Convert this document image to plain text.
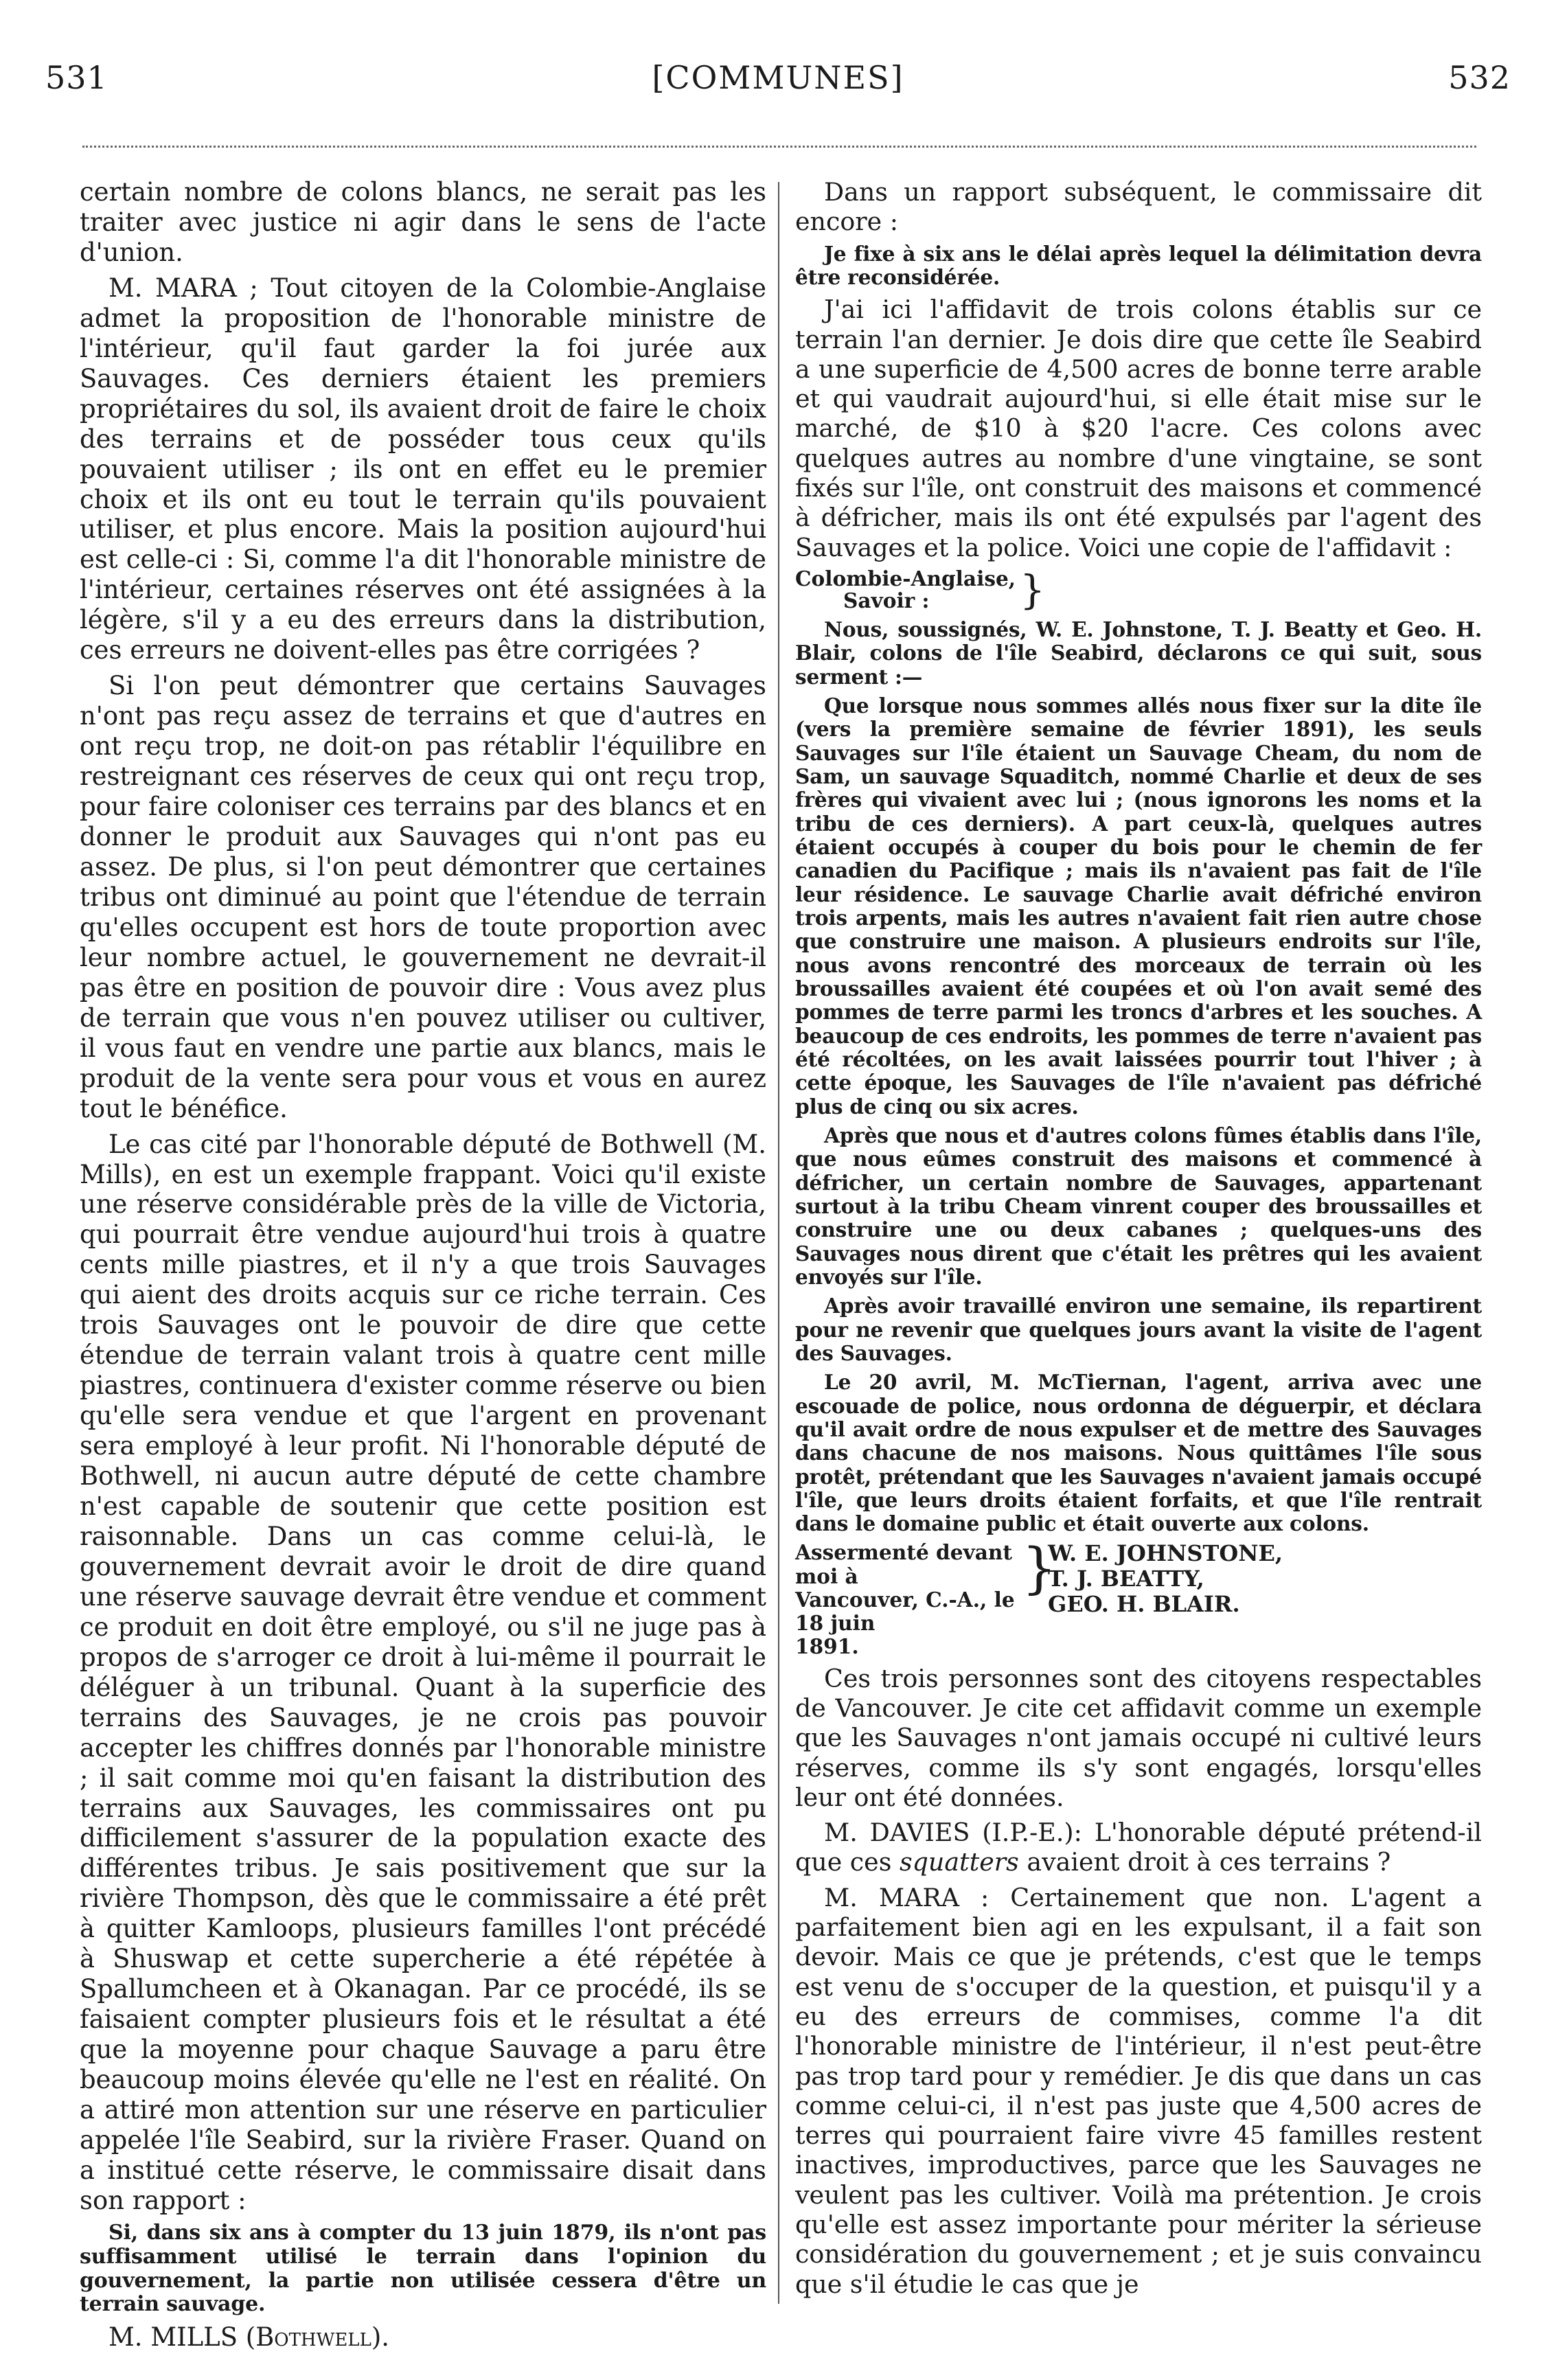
531	[COMMUNES]	532

certain nombre de colons blancs, ne serait pas les traiter avec justice ni agir dans le sens de l'acte d'union.

M. MARA ; Tout citoyen de la Colombie-Anglaise admet la proposition de l'honorable ministre de l'intérieur, qu'il faut garder la foi jurée aux Sauvages. Ces derniers étaient les premiers propriétaires du sol, ils avaient droit de faire le choix des terrains et de posséder tous ceux qu'ils pouvaient utiliser ; ils ont en effet eu le premier choix et ils ont eu tout le terrain qu'ils pouvaient utiliser, et plus encore. Mais la position aujourd'hui est celle-ci : Si, comme l'a dit l'honorable ministre de l'intérieur, certaines réserves ont été assignées à la légère, s'il y a eu des erreurs dans la distribution, ces erreurs ne doivent-elles pas être corrigées ?

Si l'on peut démontrer que certains Sauvages n'ont pas reçu assez de terrains et que d'autres en ont reçu trop, ne doit-on pas rétablir l'équilibre en restreignant ces réserves de ceux qui ont reçu trop, pour faire coloniser ces terrains par des blancs et en donner le produit aux Sauvages qui n'ont pas eu assez. De plus, si l'on peut démontrer que certaines tribus ont diminué au point que l'étendue de terrain qu'elles occupent est hors de toute proportion avec leur nombre actuel, le gouvernement ne devrait-il pas être en position de pouvoir dire : Vous avez plus de terrain que vous n'en pouvez utiliser ou cultiver, il vous faut en vendre une partie aux blancs, mais le produit de la vente sera pour vous et vous en aurez tout le bénéfice.

Le cas cité par l'honorable député de Bothwell (M. Mills), en est un exemple frappant. Voici qu'il existe une réserve considérable près de la ville de Victoria, qui pourrait être vendue aujourd'hui trois à quatre cents mille piastres, et il n'y a que trois Sauvages qui aient des droits acquis sur ce riche terrain. Ces trois Sauvages ont le pouvoir de dire que cette étendue de terrain valant trois à quatre cent mille piastres, continuera d'exister comme réserve ou bien qu'elle sera vendue et que l'argent en provenant sera employé à leur profit. Ni l'honorable député de Bothwell, ni aucun autre député de cette chambre n'est capable de soutenir que cette position est raisonnable. Dans un cas comme celui-là, le gouvernement devrait avoir le droit de dire quand une réserve sauvage devrait être vendue et comment ce produit en doit être employé, ou s'il ne juge pas à propos de s'arroger ce droit à lui-même il pourrait le déléguer à un tribunal. Quant à la superficie des terrains des Sauvages, je ne crois pas pouvoir accepter les chiffres donnés par l'honorable ministre ; il sait comme moi qu'en faisant la distribution des terrains aux Sauvages, les commissaires ont pu difficilement s'assurer de la population exacte des différentes tribus. Je sais positivement que sur la rivière Thompson, dès que le commissaire a été prêt à quitter Kamloops, plusieurs familles l'ont précédé à Shuswap et cette supercherie a été répétée à Spallumcheen et à Okanagan. Par ce procédé, ils se faisaient compter plusieurs fois et le résultat a été que la moyenne pour chaque Sauvage a paru être beaucoup moins élevée qu'elle ne l'est en réalité. On a attiré mon attention sur une réserve en particulier appelée l'île Seabird, sur la rivière Fraser. Quand on a institué cette réserve, le commissaire disait dans son rapport :

Si, dans six ans à compter du 13 juin 1879, ils n'ont pas suffisamment utilisé le terrain dans l'opinion du gouvernement, la partie non utilisée cessera d'être un terrain sauvage.

M. MILLS (Bothwell).

Dans un rapport subséquent, le commissaire dit encore :

Je fixe à six ans le délai après lequel la délimitation devra être reconsidérée.

J'ai ici l'affidavit de trois colons établis sur ce terrain l'an dernier. Je dois dire que cette île Seabird a une superficie de 4,500 acres de bonne terre arable et qui vaudrait aujourd'hui, si elle était mise sur le marché, de $10 à $20 l'acre. Ces colons avec quelques autres au nombre d'une vingtaine, se sont fixés sur l'île, ont construit des maisons et commencé à défricher, mais ils ont été expulsés par l'agent des Sauvages et la police. Voici une copie de l'affidavit :

Colombie-Anglaise,
Savoir :	}

Nous, soussignés, W. E. Johnstone, T. J. Beatty et Geo. H. Blair, colons de l'île Seabird, déclarons ce qui suit, sous serment :—

Que lorsque nous sommes allés nous fixer sur la dite île (vers la première semaine de février 1891), les seuls Sauvages sur l'île étaient un Sauvage Cheam, du nom de Sam, un sauvage Squaditch, nommé Charlie et deux de ses frères qui vivaient avec lui ; (nous ignorons les noms et la tribu de ces derniers). A part ceux-là, quelques autres étaient occupés à couper du bois pour le chemin de fer canadien du Pacifique ; mais ils n'avaient pas fait de l'île leur résidence. Le sauvage Charlie avait défriché environ trois arpents, mais les autres n'avaient fait rien autre chose que construire une maison. A plusieurs endroits sur l'île, nous avons rencontré des morceaux de terrain où les broussailles avaient été coupées et où l'on avait semé des pommes de terre parmi les troncs d'arbres et les souches. A beaucoup de ces endroits, les pommes de terre n'avaient pas été récoltées, on les avait laissées pourrir tout l'hiver ; à cette époque, les Sauvages de l'île n'avaient pas défriché plus de cinq ou six acres.

Après que nous et d'autres colons fûmes établis dans l'île, que nous eûmes construit des maisons et commencé à défricher, un certain nombre de Sauvages, appartenant surtout à la tribu Cheam vinrent couper des broussailles et construire une ou deux cabanes ; quelques-uns des Sauvages nous dirent que c'était les prêtres qui les avaient envoyés sur l'île.

Après avoir travaillé environ une semaine, ils repartirent pour ne revenir que quelques jours avant la visite de l'agent des Sauvages.

Le 20 avril, M. McTiernan, l'agent, arriva avec une escouade de police, nous ordonna de déguerpir, et déclara qu'il avait ordre de nous expulser et de mettre des Sauvages dans chacune de nos maisons. Nous quittâmes l'île sous protêt, prétendant que les Sauvages n'avaient jamais occupé l'île, que leurs droits étaient forfaits, et que l'île rentrait dans le domaine public et était ouverte aux colons.

Assermenté devant moi à
Vancouver, C.-A., le 18 juin
1891.
}
W. E. JOHNSTONE,
T. J. BEATTY,
GEO. H. BLAIR.

Ces trois personnes sont des citoyens respectables de Vancouver. Je cite cet affidavit comme un exemple que les Sauvages n'ont jamais occupé ni cultivé leurs réserves, comme ils s'y sont engagés, lorsqu'elles leur ont été données.

M. DAVIES (I.P.-E.): L'honorable député prétend-il que ces squatters avaient droit à ces terrains ?

M. MARA : Certainement que non. L'agent a parfaitement bien agi en les expulsant, il a fait son devoir. Mais ce que je prétends, c'est que le temps est venu de s'occuper de la question, et puisqu'il y a eu des erreurs de commises, comme l'a dit l'honorable ministre de l'intérieur, il n'est peut-être pas trop tard pour y remédier. Je dis que dans un cas comme celui-ci, il n'est pas juste que 4,500 acres de terres qui pourraient faire vivre 45 familles restent inactives, improductives, parce que les Sauvages ne veulent pas les cultiver. Voilà ma prétention. Je crois qu'elle est assez importante pour mériter la sérieuse considération du gouvernement ; et je suis convaincu que s'il étudie le cas que je
